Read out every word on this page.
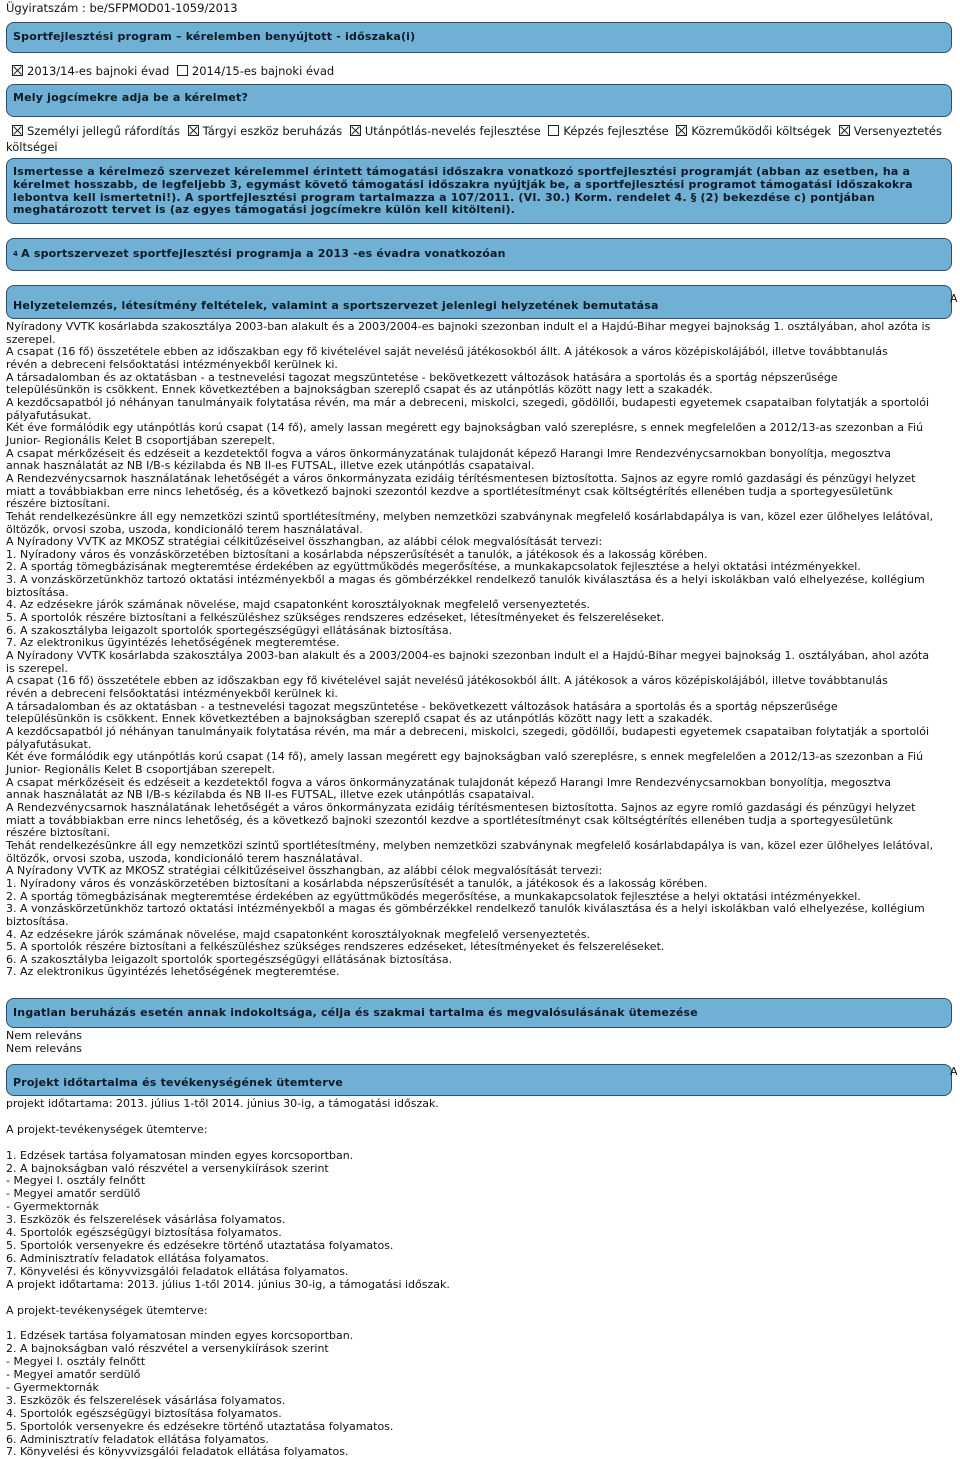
Ügyiratszám : be/SFPMOD01-1059/2013
Sportfejlesztési program – kérelemben benyújtott - időszaka(i)
2013/14-es bajnoki évad 2014/15-es bajnoki évad
Mely jogcímekre adja be a kérelmet?
Személyi jellegű ráfordítás Tárgyi eszköz beruházás Utánpótlás-nevelés fejlesztése Képzés fejlesztése Közreműködői költségek Versenyeztetés
költségei
Ismertesse a kérelmező szervezet kérelemmel érintett támogatási időszakra vonatkozó sportfejlesztési programját (abban az esetben, ha a
kérelmet hosszabb, de legfeljebb 3, egymást követő támogatási időszakra nyújtják be, a sportfejlesztési programot támogatási időszakokra
lebontva kell ismertetni!). A sportfejlesztési program tartalmazza a 107/2011. (VI. 30.) Korm. rendelet 4. § (2) bekezdése c) pontjában
meghatározott tervet is (az egyes támogatási jogcímekre külön kell kitölteni).
4 A sportszervezet sportfejlesztési programja a 2013 -es évadra vonatkozóan
Helyzetelemzés, létesítmény feltételek, valamint a sportszervezet jelenlegi helyzetének bemutatása
A
Nyíradony VVTK kosárlabda szakosztálya 2003-ban alakult és a 2003/2004-es bajnoki szezonban indult el a Hajdú-Bihar megyei bajnokság 1. osztályában, ahol azóta is
szerepel.
A csapat (16 fő) összetétele ebben az időszakban egy fő kivételével saját nevelésű játékosokból állt. A játékosok a város középiskolájából, illetve továbbtanulás
révén a debreceni felsőoktatási intézményekből kerülnek ki.
A társadalomban és az oktatásban - a testnevelési tagozat megszüntetése - bekövetkezett változások hatására a sportolás és a sportág népszerűsége
településünkön is csökkent. Ennek következtében a bajnokságban szereplő csapat és az utánpótlás között nagy lett a szakadék.
A kezdőcsapatból jó néhányan tanulmányaik folytatása révén, ma már a debreceni, miskolci, szegedi, gödöllői, budapesti egyetemek csapataiban folytatják a sportolói
pályafutásukat.
Két éve formálódik egy utánpótlás korú csapat (14 fő), amely lassan megérett egy bajnokságban való szereplésre, s ennek megfelelően a 2012/13-as szezonban a Fiú
Junior- Regionális Kelet B csoportjában szerepelt.
A csapat mérkőzéseit és edzéseit a kezdetektől fogva a város önkormányzatának tulajdonát képező Harangi Imre Rendezvénycsarnokban bonyolítja, megosztva
annak használatát az NB I/B-s kézilabda és NB II-es FUTSAL, illetve ezek utánpótlás csapataival.
A Rendezvénycsarnok használatának lehetőségét a város önkormányzata ezidáig térítésmentesen biztosította. Sajnos az egyre romló gazdasági és pénzügyi helyzet
miatt a továbbiakban erre nincs lehetőség, és a következő bajnoki szezontól kezdve a sportlétesítményt csak költségtérítés ellenében tudja a sportegyesületünk
részére biztosítani.
Tehát rendelkezésünkre áll egy nemzetközi szintű sportlétesítmény, melyben nemzetközi szabványnak megfelelő kosárlabdapálya is van, közel ezer ülőhelyes lelátóval,
öltözők, orvosi szoba, uszoda, kondicionáló terem használatával.
A Nyíradony VVTK az MKOSZ stratégiai célkitűzéseivel összhangban, az alábbi célok megvalósítását tervezi:
1. Nyíradony város és vonzáskörzetében biztosítani a kosárlabda népszerűsítését a tanulók, a játékosok és a lakosság körében.
2. A sportág tömegbázisának megteremtése érdekében az együttműködés megerősítése, a munkakapcsolatok fejlesztése a helyi oktatási intézményekkel.
3. A vonzáskörzetünkhöz tartozó oktatási intézményekből a magas és gömbérzékkel rendelkező tanulók kiválasztása és a helyi iskolákban való elhelyezése, kollégium
biztosítása.
4. Az edzésekre járók számának növelése, majd csapatonként korosztályoknak megfelelő versenyeztetés.
5. A sportolók részére biztosítani a felkészüléshez szükséges rendszeres edzéseket, létesítményeket és felszereléseket.
6. A szakosztályba leigazolt sportolók sportegészségügyi ellátásának biztosítása.
7. Az elektronikus ügyintézés lehetőségének megteremtése.
A Nyíradony VVTK kosárlabda szakosztálya 2003-ban alakult és a 2003/2004-es bajnoki szezonban indult el a Hajdú-Bihar megyei bajnokság 1. osztályában, ahol azóta
is szerepel.
A csapat (16 fő) összetétele ebben az időszakban egy fő kivételével saját nevelésű játékosokból állt. A játékosok a város középiskolájából, illetve továbbtanulás
révén a debreceni felsőoktatási intézményekből kerülnek ki.
A társadalomban és az oktatásban - a testnevelési tagozat megszüntetése - bekövetkezett változások hatására a sportolás és a sportág népszerűsége
településünkön is csökkent. Ennek következtében a bajnokságban szereplő csapat és az utánpótlás között nagy lett a szakadék.
A kezdőcsapatból jó néhányan tanulmányaik folytatása révén, ma már a debreceni, miskolci, szegedi, gödöllői, budapesti egyetemek csapataiban folytatják a sportolói
pályafutásukat.
Két éve formálódik egy utánpótlás korú csapat (14 fő), amely lassan megérett egy bajnokságban való szereplésre, s ennek megfelelően a 2012/13-as szezonban a Fiú
Junior- Regionális Kelet B csoportjában szerepelt.
A csapat mérkőzéseit és edzéseit a kezdetektől fogva a város önkormányzatának tulajdonát képező Harangi Imre Rendezvénycsarnokban bonyolítja, megosztva
annak használatát az NB I/B-s kézilabda és NB II-es FUTSAL, illetve ezek utánpótlás csapataival.
A Rendezvénycsarnok használatának lehetőségét a város önkormányzata ezidáig térítésmentesen biztosította. Sajnos az egyre romló gazdasági és pénzügyi helyzet
miatt a továbbiakban erre nincs lehetőség, és a következő bajnoki szezontól kezdve a sportlétesítményt csak költségtérítés ellenében tudja a sportegyesületünk
részére biztosítani.
Tehát rendelkezésünkre áll egy nemzetközi szintű sportlétesítmény, melyben nemzetközi szabványnak megfelelő kosárlabdapálya is van, közel ezer ülőhelyes lelátóval,
öltözők, orvosi szoba, uszoda, kondicionáló terem használatával.
A Nyíradony VVTK az MKOSZ stratégiai célkitűzéseivel összhangban, az alábbi célok megvalósítását tervezi:
1. Nyíradony város és vonzáskörzetében biztosítani a kosárlabda népszerűsítését a tanulók, a játékosok és a lakosság körében.
2. A sportág tömegbázisának megteremtése érdekében az együttműködés megerősítése, a munkakapcsolatok fejlesztése a helyi oktatási intézményekkel.
3. A vonzáskörzetünkhöz tartozó oktatási intézményekből a magas és gömbérzékkel rendelkező tanulók kiválasztása és a helyi iskolákban való elhelyezése, kollégium
biztosítása.
4. Az edzésekre járók számának növelése, majd csapatonként korosztályoknak megfelelő versenyeztetés.
5. A sportolók részére biztosítani a felkészüléshez szükséges rendszeres edzéseket, létesítményeket és felszereléseket.
6. A szakosztályba leigazolt sportolók sportegészségügyi ellátásának biztosítása.
7. Az elektronikus ügyintézés lehetőségének megteremtése.
Ingatlan beruházás esetén annak indokoltsága, célja és szakmai tartalma és megvalósulásának ütemezése
Nem releváns
Nem releváns
Projekt időtartalma és tevékenységének ütemterve
A
projekt időtartama: 2013. július 1-től 2014. június 30-ig, a támogatási időszak.

A projekt-tevékenységek ütemterve:

1. Edzések tartása folyamatosan minden egyes korcsoportban.
2. A bajnokságban való részvétel a versenykiírások szerint
- Megyei I. osztály felnőtt
- Megyei amatőr serdülő
- Gyermektornák
3. Eszközök és felszerelések vásárlása folyamatos.
4. Sportolók egészségügyi biztosítása folyamatos.
5. Sportolók versenyekre és edzésekre történő utaztatása folyamatos.
6. Adminisztratív feladatok ellátása folyamatos.
7. Könyvelési és könyvvizsgálói feladatok ellátása folyamatos.
A projekt időtartama: 2013. július 1-től 2014. június 30-ig, a támogatási időszak.

A projekt-tevékenységek ütemterve:

1. Edzések tartása folyamatosan minden egyes korcsoportban.
2. A bajnokságban való részvétel a versenykiírások szerint
- Megyei I. osztály felnőtt
- Megyei amatőr serdülő
- Gyermektornák
3. Eszközök és felszerelések vásárlása folyamatos.
4. Sportolók egészségügyi biztosítása folyamatos.
5. Sportolók versenyekre és edzésekre történő utaztatása folyamatos.
6. Adminisztratív feladatok ellátása folyamatos.
7. Könyvelési és könyvvizsgálói feladatok ellátása folyamatos.
